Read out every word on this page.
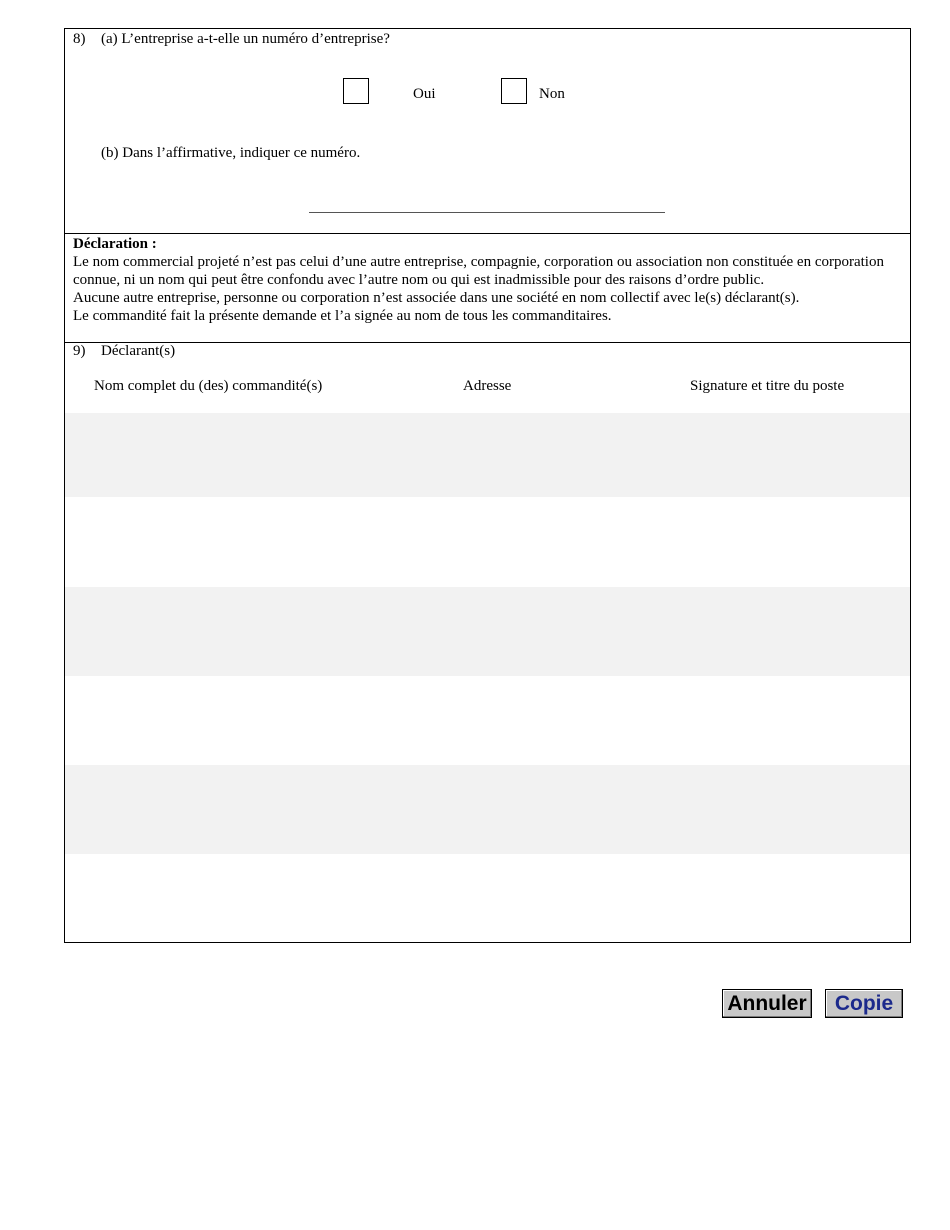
8) (a) L’entreprise a-t-elle un numéro d’entreprise?
Oui	Non
(b) Dans l’affirmative, indiquer ce numéro.
Déclaration :
Le nom commercial projeté n’est pas celui d’une autre entreprise, compagnie, corporation ou association non constituée en corporation connue, ni un nom qui peut être confondu avec l’autre nom ou qui est inadmissible pour des raisons d’ordre public.
Aucune autre entreprise, personne ou corporation n’est associée dans une société en nom collectif avec le(s) déclarant(s).
Le commandité fait la présente demande et l’a signée au nom de tous les commanditaires.
9) Déclarant(s)
Nom complet du (des) commandité(s)	Adresse	Signature et titre du poste
Annuler	Copie
